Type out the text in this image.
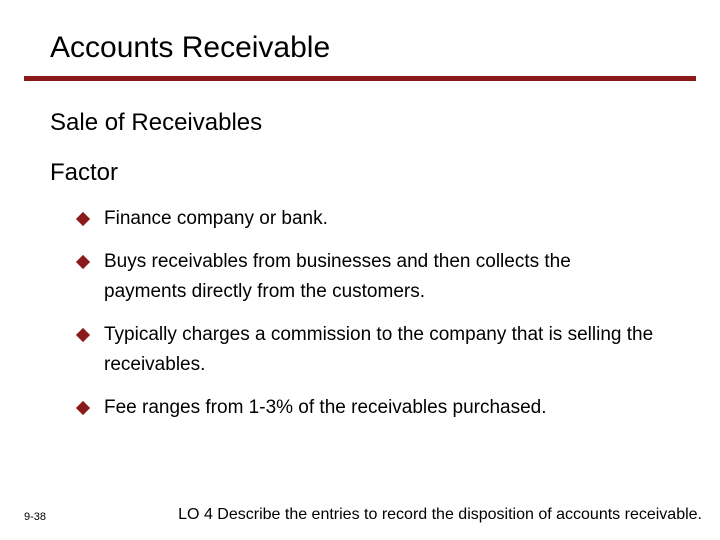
Accounts Receivable
Sale of Receivables
Factor
Finance company or bank.
Buys receivables from businesses and then collects the payments directly from the customers.
Typically charges a commission to the company that is selling the receivables.
Fee ranges from 1-3% of the receivables purchased.
9-38	LO 4 Describe the entries to record the disposition of accounts receivable.
